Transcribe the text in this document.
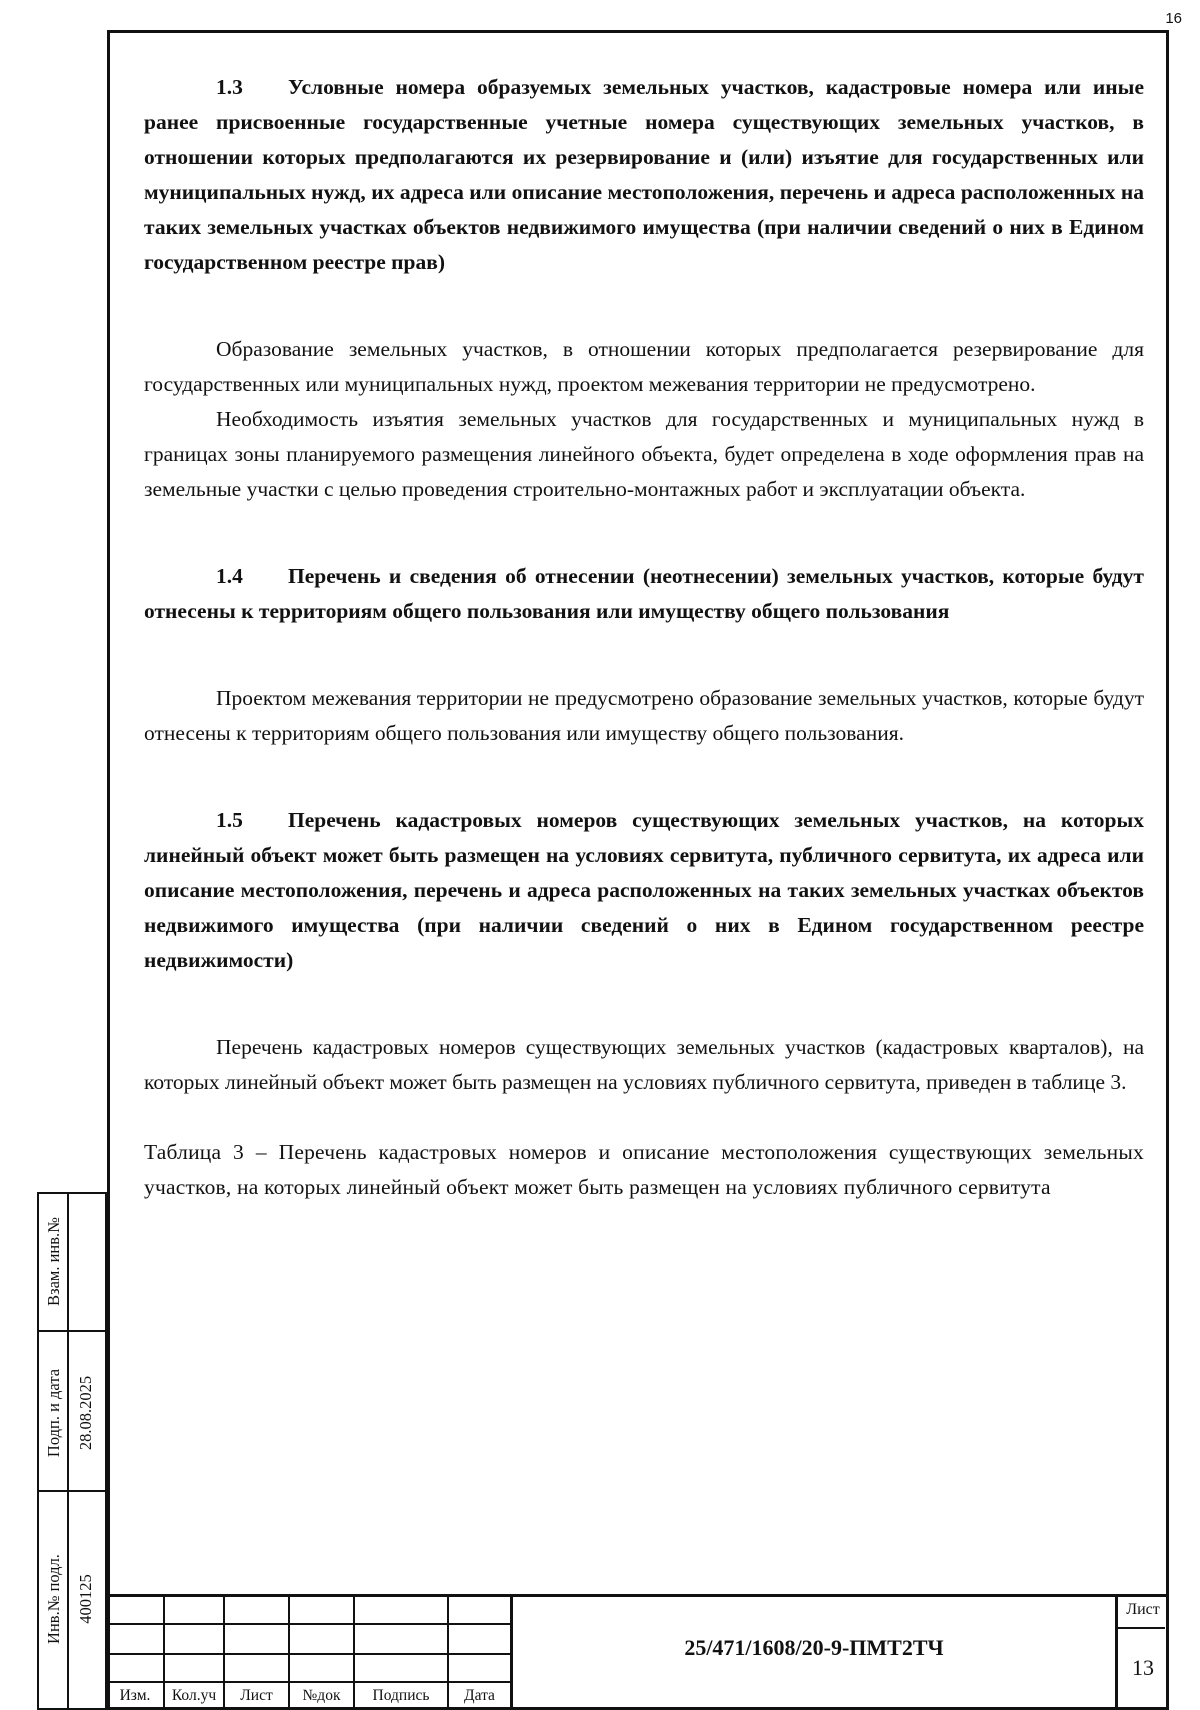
16

1.3 Условные номера образуемых земельных участков, кадастровые номера или иные ранее присвоенные государственные учетные номера существующих земельных участков, в отношении которых предполагаются их резервирование и (или) изъятие для государственных или муниципальных нужд, их адреса или описание местоположения, перечень и адреса расположенных на таких земельных участках объектов недвижимого имущества (при наличии сведений о них в Едином государственном реестре прав)

Образование земельных участков, в отношении которых предполагается резервирование для государственных или муниципальных нужд, проектом межевания территории не предусмотрено.

Необходимость изъятия земельных участков для государственных и муниципальных нужд в границах зоны планируемого размещения линейного объекта, будет определена в ходе оформления прав на земельные участки с целью проведения строительно-монтажных работ и эксплуатации объекта.

1.4 Перечень и сведения об отнесении (неотнесении) земельных участков, которые будут отнесены к территориям общего пользования или имуществу общего пользования

Проектом межевания территории не предусмотрено образование земельных участков, которые будут отнесены к территориям общего пользования или имуществу общего пользования.

1.5 Перечень кадастровых номеров существующих земельных участков, на которых линейный объект может быть размещен на условиях сервитута, публичного сервитута, их адреса или описание местоположения, перечень и адреса расположенных на таких земельных участках объектов недвижимого имущества (при наличии сведений о них в Едином государственном реестре недвижимости)

Перечень кадастровых номеров существующих земельных участков (кадастровых кварталов), на которых линейный объект может быть размещен на условиях публичного сервитута, приведен в таблице 3.

Таблица 3 – Перечень кадастровых номеров и описание местоположения существующих земельных участков, на которых линейный объект может быть размещен на условиях публичного сервитута

Взам. инв.№
Подп. и дата 28.08.2025
Инв.№ подл. 400125
Изм.	Кол.уч	Лист	№док	Подпись	Дата
25/471/1608/20-9-ПМТ2ТЧ
Лист
13
